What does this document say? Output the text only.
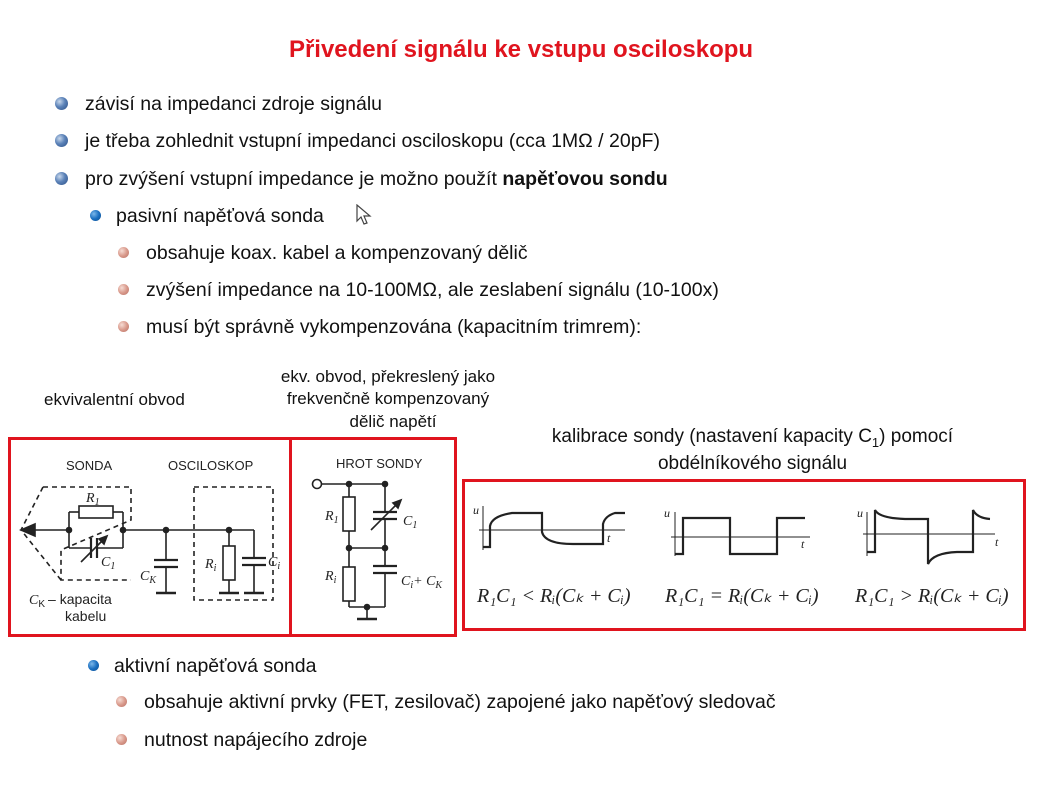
Přivedení signálu ke vstupu osciloskopu
závisí na impedanci zdroje signálu
je třeba zohlednit vstupní impedanci osciloskopu (cca 1MΩ / 20pF)
pro zvýšení vstupní impedance je možno použít napěťovou sondu
pasivní napěťová sonda
obsahuje koax. kabel a kompenzovaný dělič
zvýšení impedance na 10-100MΩ, ale zeslabení signálu (10-100x)
musí být správně vykompenzována (kapacitním trimrem):
ekvivalentní obvod
ekv. obvod, překreslený jako
frekvenčně kompenzovaný
dělič napětí
kalibrace sondy (nastavení kapacity $C_1$) pomocí
obdélníkového signálu
SONDA	OSCILOSKOP	HROT SONDY
$R_1$
$C_1$
$C_K$
$R_i$	$C_i$
$R_1$	$C_1$
$R_i$	$C_i+ C_K$
$C_K$ – kapacita
kabelu
u
t
u
t
u
t
R₁C₁ < Rᵢ(Cₖ + Cᵢ) R₁C₁ = Rᵢ(Cₖ + Cᵢ) R₁C₁ > Rᵢ(Cₖ + Cᵢ)
aktivní napěťová sonda
obsahuje aktivní prvky (FET, zesilovač) zapojené jako napěťový sledovač
nutnost napájecího zdroje
